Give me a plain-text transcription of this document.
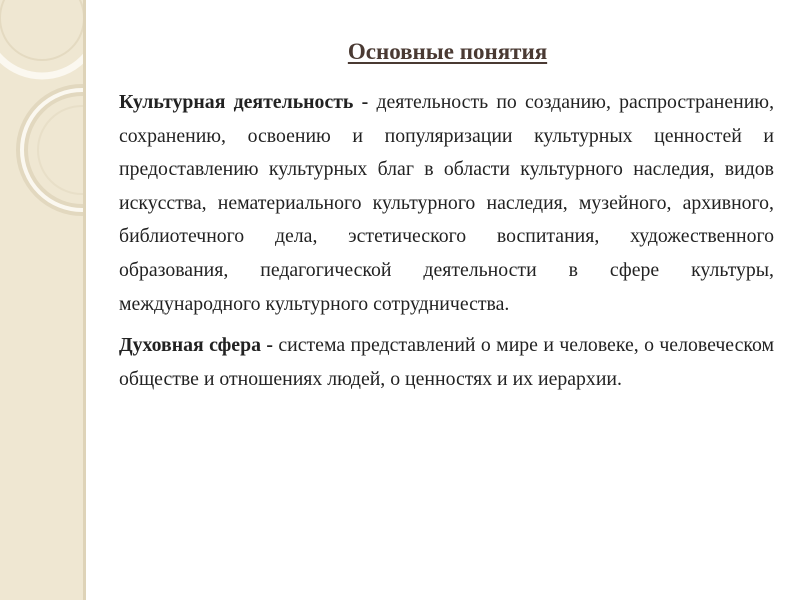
Основные понятия

Культурная деятельность - деятельность по созданию, распространению, сохранению, освоению и популяризации культурных ценностей и предоставлению культурных благ в области культурного наследия, видов искусства, нематериального культурного наследия, музейного, архивного, библиотечного дела, эстетического воспитания, художественного образования, педагогической деятельности в сфере культуры, международного культурного сотрудничества.

Духовная сфера - система представлений о мире и человеке, о человеческом обществе и отношениях людей, о ценностях и их иерархии.
